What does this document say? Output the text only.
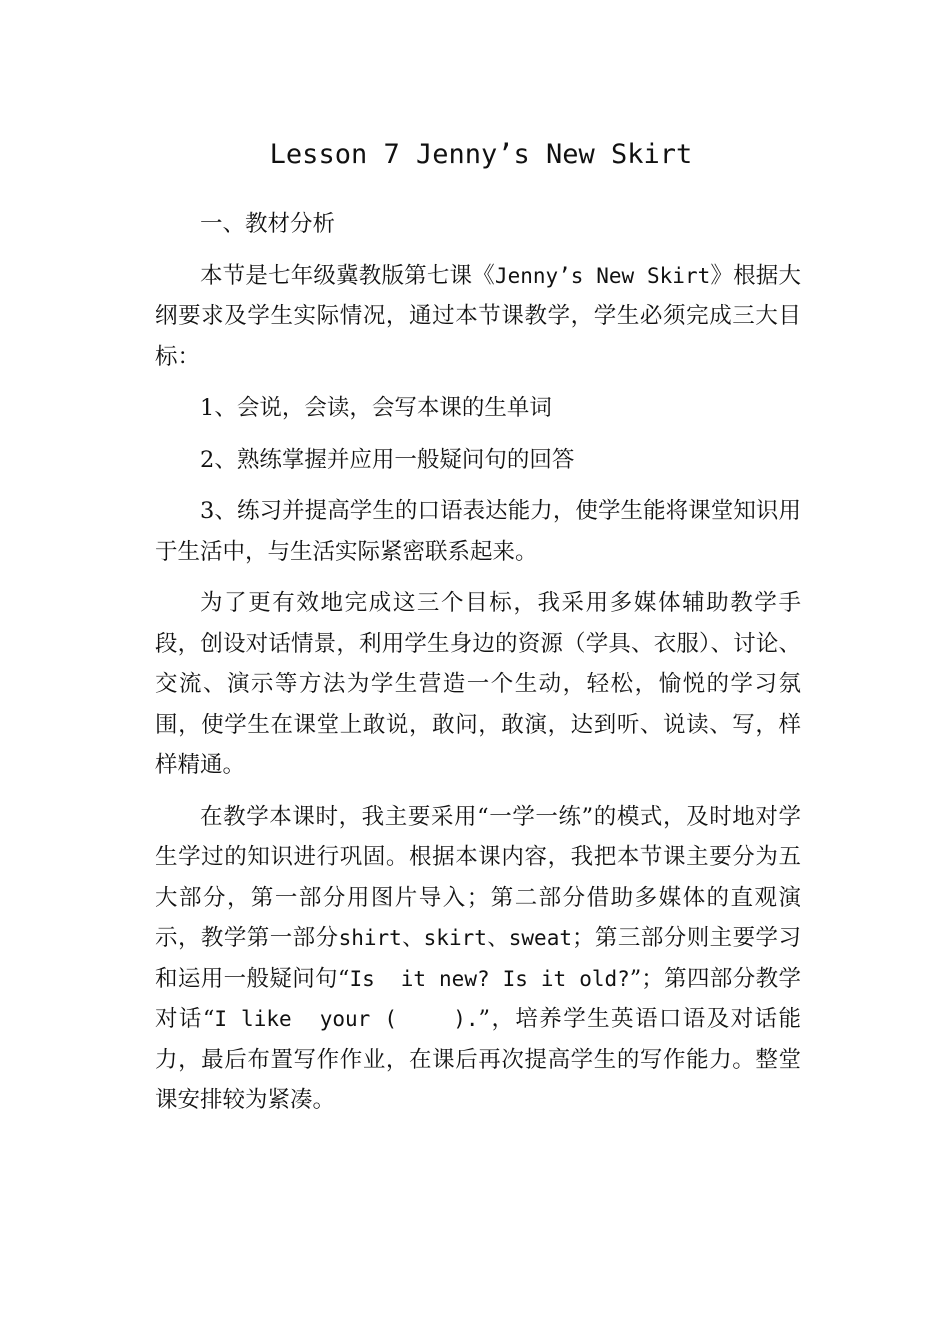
Lesson 7 Jenny’s New Skirt

一、教材分析

本节是七年级冀教版第七课《Jenny’s New Skirt》根据大纲要求及学生实际情况，通过本节课教学，学生必须完成三大目标：

1、会说，会读，会写本课的生单词

2、熟练掌握并应用一般疑问句的回答

3、练习并提高学生的口语表达能力，使学生能将课堂知识用于生活中，与生活实际紧密联系起来。

为了更有效地完成这三个目标，我采用多媒体辅助教学手段，创设对话情景，利用学生身边的资源（学具、衣服）、讨论、交流、演示等方法为学生营造一个生动，轻松，愉悦的学习氛围，使学生在课堂上敢说，敢问，敢演，达到听、说读、写，样样精通。

在教学本课时，我主要采用“一学一练”的模式，及时地对学生学过的知识进行巩固。根据本课内容，我把本节课主要分为五大部分，第一部分用图片导入；第二部分借助多媒体的直观演示，教学第一部分shirt、skirt、sweat；第三部分则主要学习和运用一般疑问句“Is  it new? Is it old?”；第四部分教学对话“I like  your (    ).”，培养学生英语口语及对话能力，最后布置写作作业，在课后再次提高学生的写作能力。整堂课安排较为紧凑。
